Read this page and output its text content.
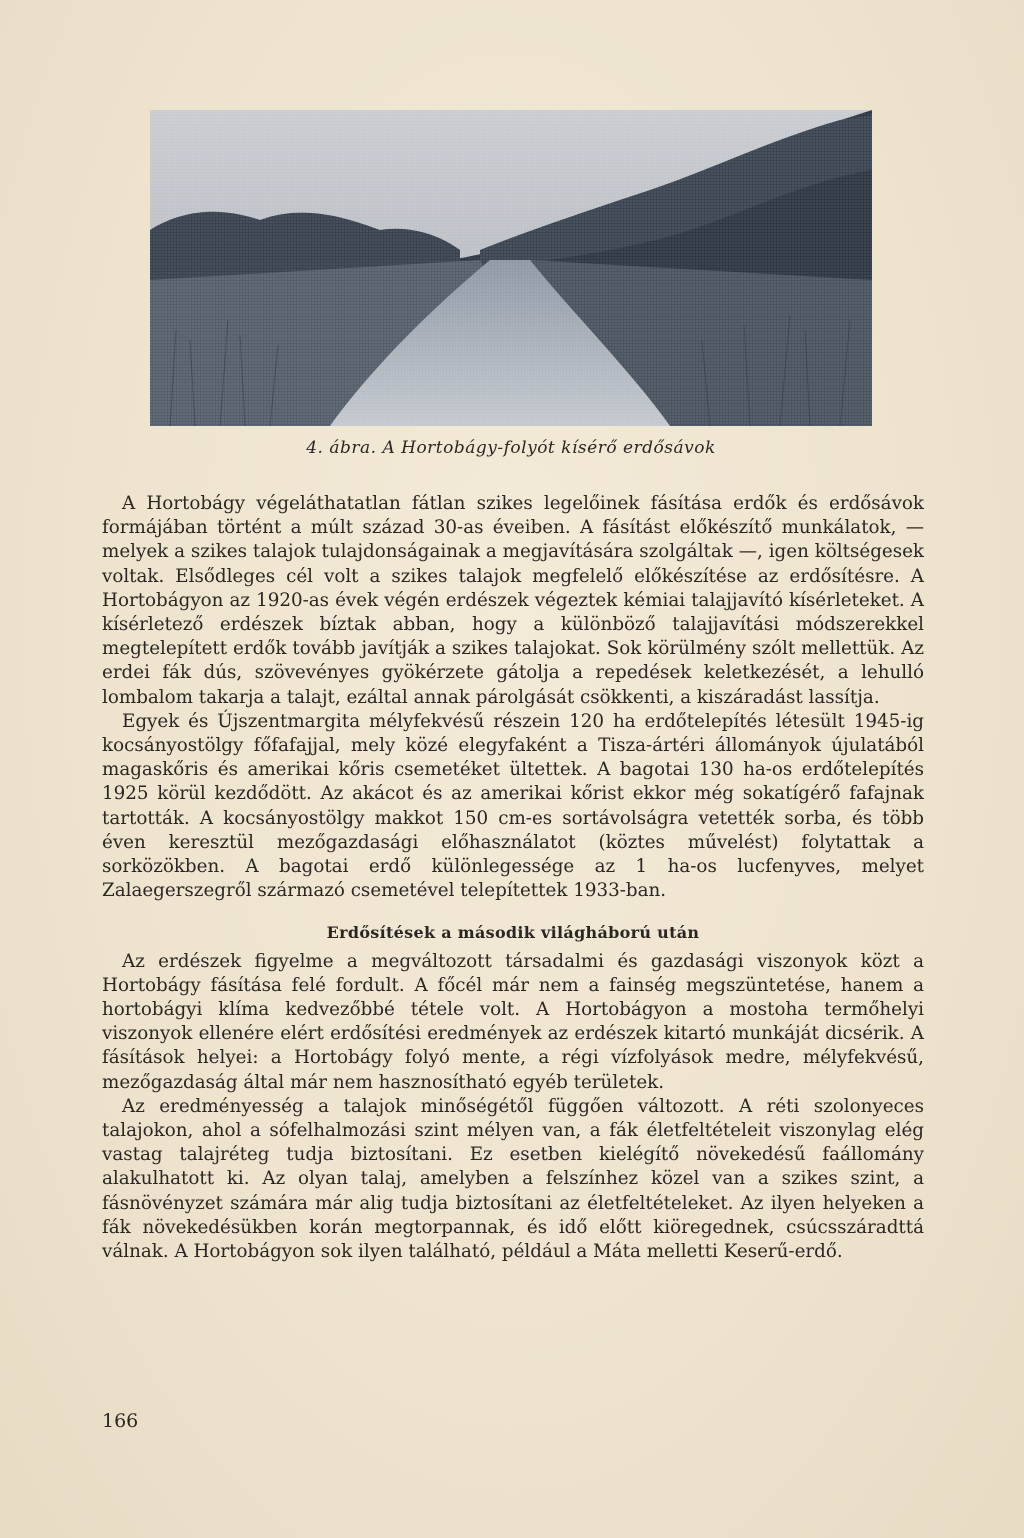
4. ábra. A Hortobágy-folyót kísérő erdősávok

A Hortobágy végeláthatatlan fátlan szikes legelőinek fásítása erdők és erdősávok formájában történt a múlt század 30-as éveiben. A fásítást előkészítő munkálatok, — melyek a szikes talajok tulajdonságainak a megjavítására szolgáltak —, igen költségesek voltak. Elsődleges cél volt a szikes talajok megfelelő előkészítése az erdősítésre. A Hortobágyon az 1920-as évek végén erdészek végeztek kémiai talajjavító kísérleteket. A kísérletező erdészek bíztak abban, hogy a különböző talajjavítási módszerekkel megtelepített erdők tovább javítják a szikes talajokat. Sok körülmény szólt mellettük. Az erdei fák dús, szövevényes gyökérzete gátolja a repedések keletkezését, a lehulló lombalom takarja a talajt, ezáltal annak párolgását csökkenti, a kiszáradást lassítja.

Egyek és Újszentmargita mélyfekvésű részein 120 ha erdőtelepítés létesült 1945-ig kocsányostölgy főfafajjal, mely közé elegyfaként a Tisza-ártéri állományok újulatából magaskőris és amerikai kőris csemetéket ültettek. A bagotai 130 ha-os erdőtelepítés 1925 körül kezdődött. Az akácot és az amerikai kőrist ekkor még sokatígérő fafajnak tartották. A kocsányostölgy makkot 150 cm-es sortávolságra vetették sorba, és több éven keresztül mezőgazdasági előhasználatot (köztes művelést) folytattak a sorközökben. A bagotai erdő különlegessége az 1 ha-os lucfenyves, melyet Zalaegerszegről származó csemetével telepítettek 1933-ban.

Erdősítések a második világháború után

Az erdészek figyelme a megváltozott társadalmi és gazdasági viszonyok közt a Hortobágy fásítása felé fordult. A főcél már nem a fainség megszüntetése, hanem a hortobágyi klíma kedvezőbbé tétele volt. A Hortobágyon a mostoha termőhelyi viszonyok ellenére elért erdősítési eredmények az erdészek kitartó munkáját dicsérik. A fásítások helyei: a Hortobágy folyó mente, a régi vízfolyások medre, mélyfekvésű, mezőgazdaság által már nem hasznosítható egyéb területek.

Az eredményesség a talajok minőségétől függően változott. A réti szolonyeces talajokon, ahol a sófelhalmozási szint mélyen van, a fák életfeltételeit viszonylag elég vastag talajréteg tudja biztosítani. Ez esetben kielégítő növekedésű faállomány alakulhatott ki. Az olyan talaj, amelyben a felszínhez közel van a szikes szint, a fásnövényzet számára már alig tudja biztosítani az életfeltételeket. Az ilyen helyeken a fák növekedésükben korán megtorpannak, és idő előtt kiöregednek, csúcsszáradttá válnak. A Hortobágyon sok ilyen található, például a Máta melletti Keserű-erdő.

166
